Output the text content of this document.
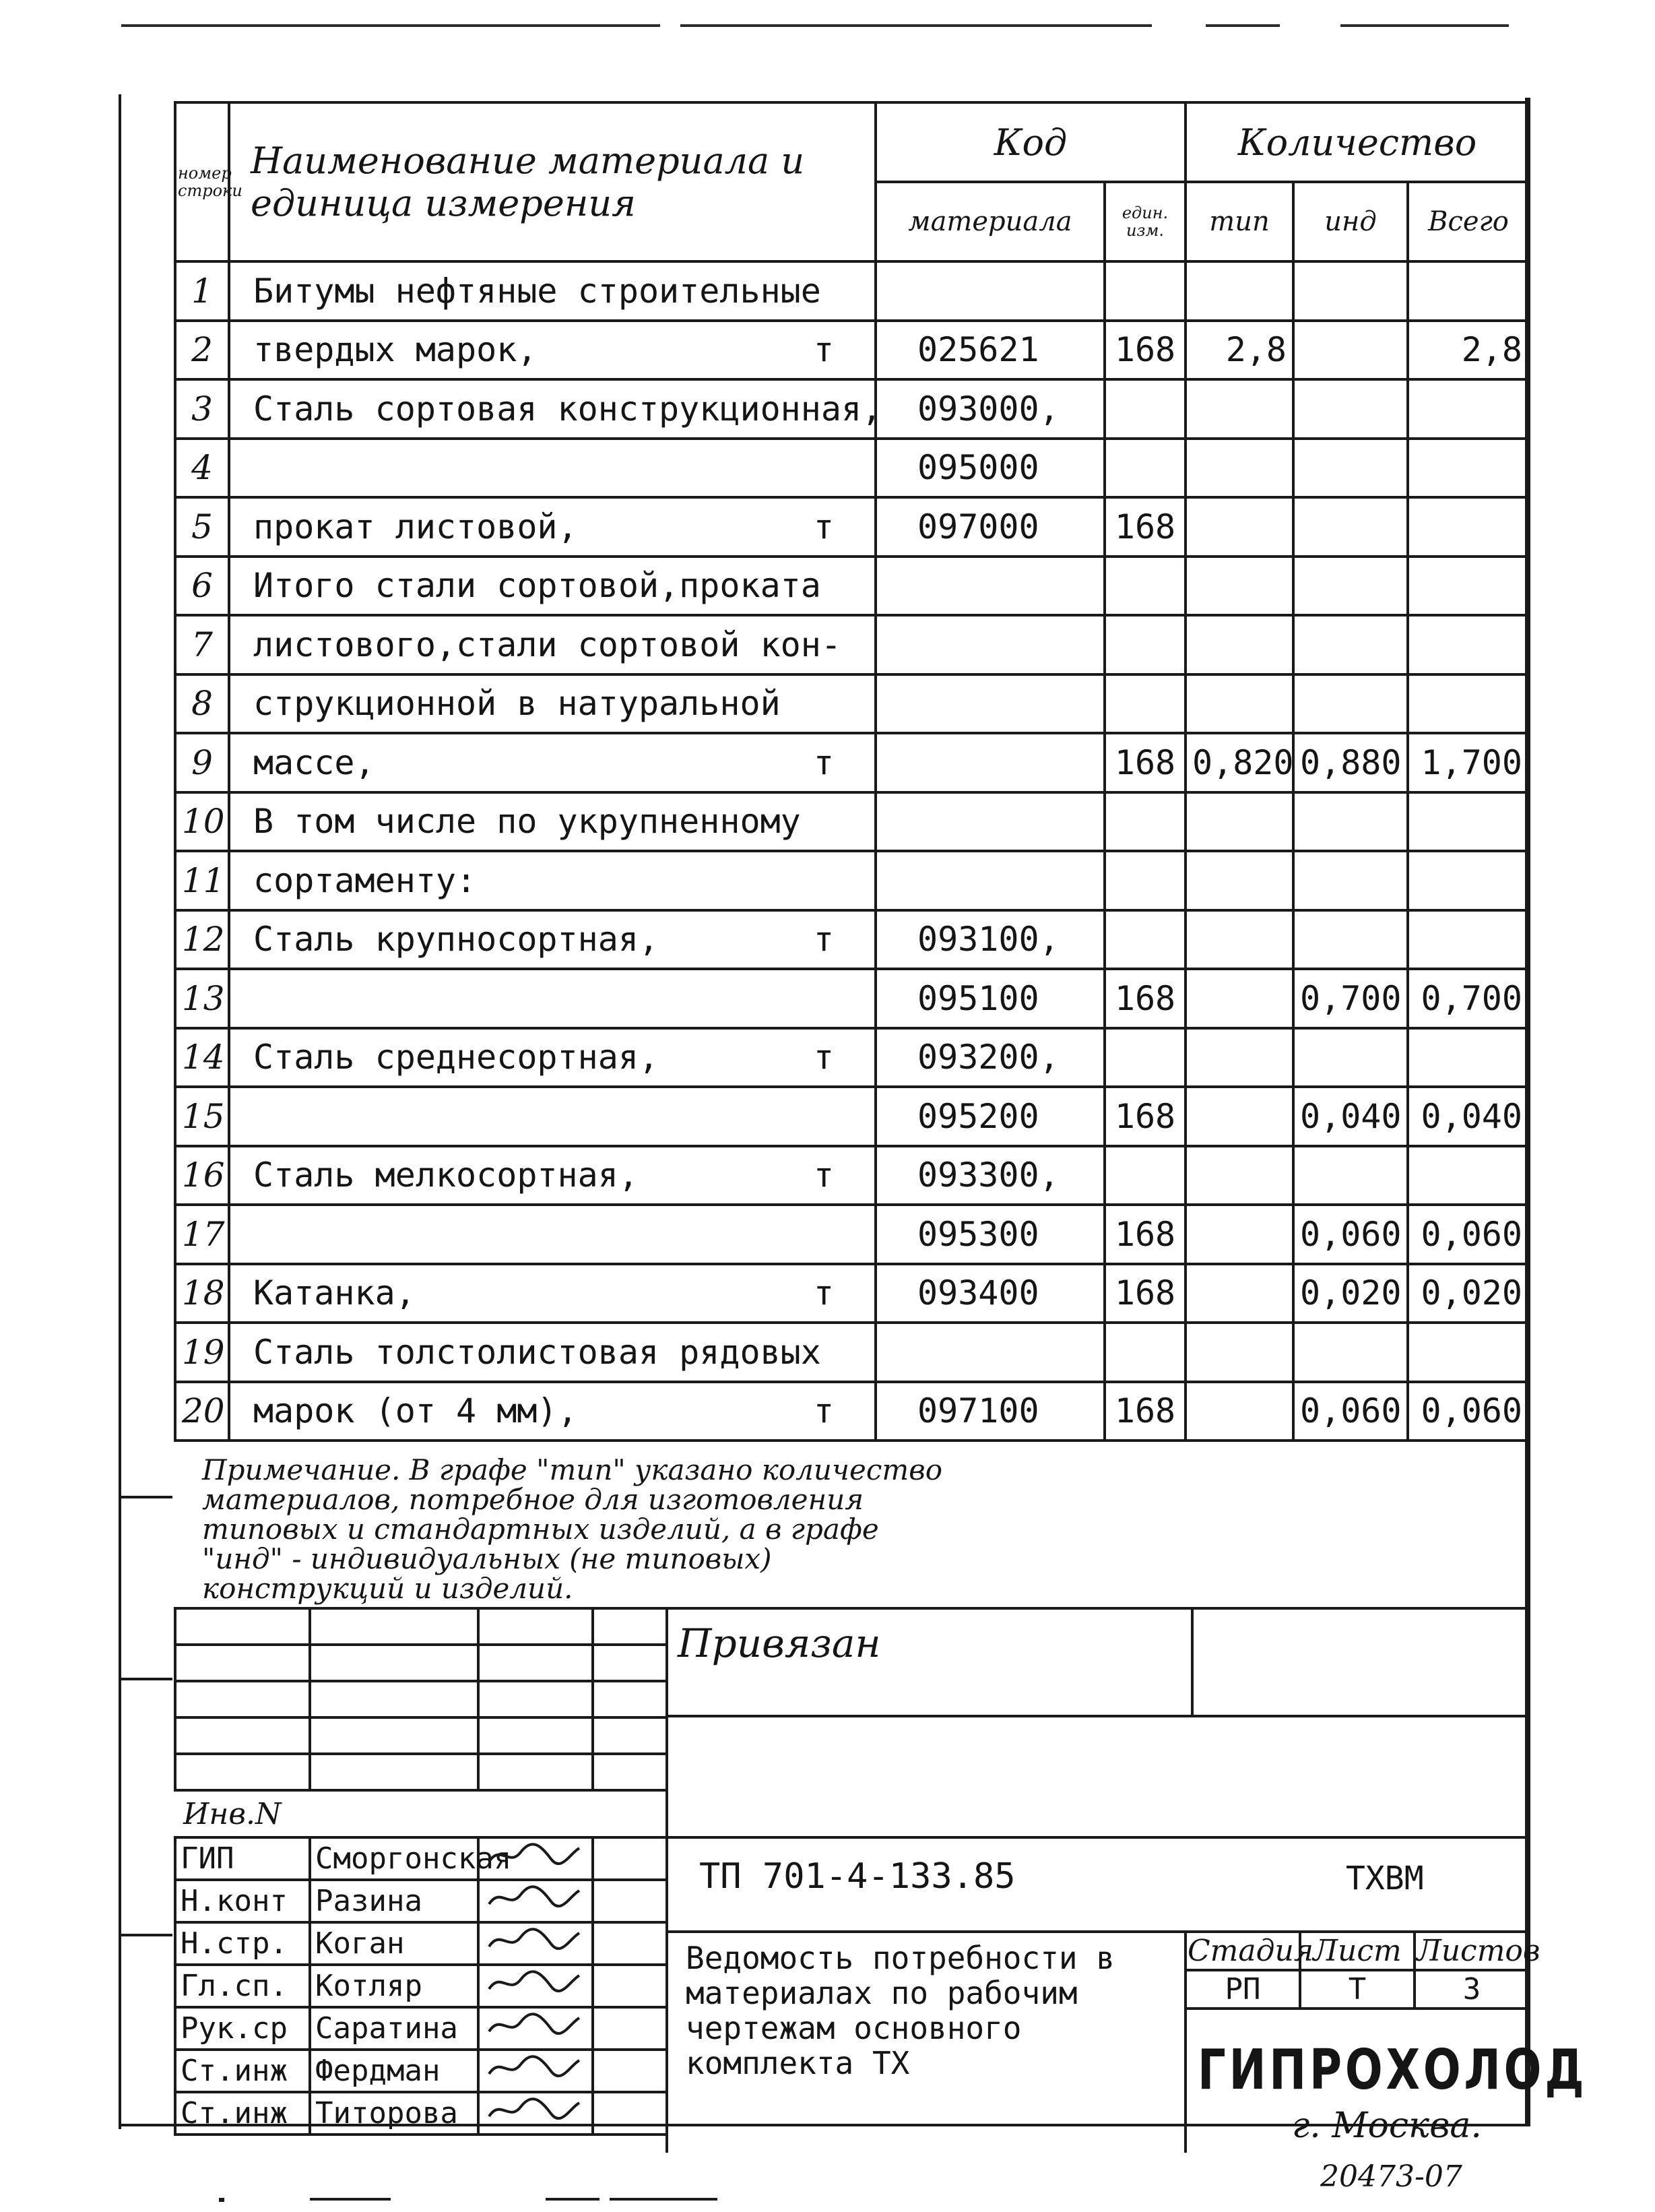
номер строки	Наименование материала и единица измерения	Код		Количество		
		материала	един. изм.	тип	инд	Всего
1	Битумы нефтяные строительные

2	твердых марок, т	025621	168	2,8		2,8
3	Сталь сортовая конструкционная,	093000,				
4		095000				
5	прокат листовой, т	097000	168			
6	Итого стали сортовой,проката

7	листового,стали сортовой кон-

8	струкционной в натуральной

9	массе, т		168	0,820	0,880	1,700
10	В том числе по укрупненному

11	сортаменту:

12	Сталь крупносортная, т	093100,				
13		095100	168		0,700	0,700
14	Сталь среднесортная, т	093200,				
15		095200	168		0,040	0,040
16	Сталь мелкосортная, т	093300,				
17		095300	168		0,060	0,060
18	Катанка, т	093400	168		0,020	0,020
19	Сталь толстолистовая рядовых

20	марок (от 4 мм), т	097100	168		0,060	0,060
Примечание. В графе "тип" указано количество материалов, потребное для изготовления типовых и стандартных изделий, а в графе "инд" - индивидуальных (не типовых) конструкций и изделий.

Инв.N
ГИП	Сморгонская		
Н.конт	Разина		
Н.стр.	Коган		
Гл.сп.	Котляр		
Рук.ср	Саратина		
Ст.инж	Фердман		
Ст.инж	Титорова		
Привязан
ТП 701-4-133.85	ТХВМ
Ведомость потребности в материалах по рабочим чертежам основного комплекта ТХ
Стадия	Лист	Листов
РП	Т	3
ГИПРОХОЛОД
г. Москва.
20473-07
